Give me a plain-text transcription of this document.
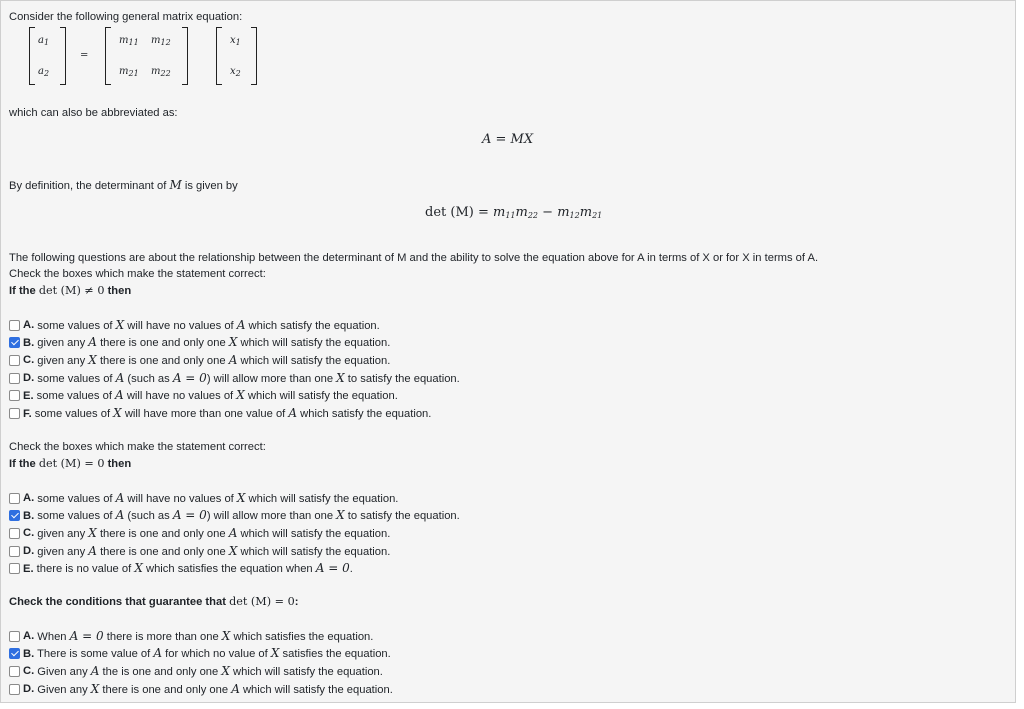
Consider the following general matrix equation:
$a_1$
$a_2$
=
$m_{11}$ $m_{12}$
$m_{21}$ $m_{22}$
$x_1$
$x_2$
which can also be abbreviated as:
A = MX
By definition, the determinant of M is given by
$\det (M) = m_{11}m_{22} - m_{12}m_{21}$
The following questions are about the relationship between the determinant of M and the ability to solve the equation above for A in terms of X or for X in terms of A.
Check the boxes which make the statement correct:
If the det (M) ≠ 0 then
Check the boxes which make the statement correct:
If the det (M) = 0 then
Check the conditions that guarantee that det (M) = 0:
A. some values of X will have no values of A which satisfy the equation.
B. given any A there is one and only one X which will satisfy the equation.
C. given any X there is one and only one A which will satisfy the equation.
D. some values of A (such as A = 0) will allow more than one X to satisfy the equation.
E. some values of A will have no values of X which will satisfy the equation.
F. some values of X will have more than one value of A which satisfy the equation.
A. some values of A will have no values of X which will satisfy the equation.
B. some values of A (such as A = 0) will allow more than one X to satisfy the equation.
C. given any X there is one and only one A which will satisfy the equation.
D. given any A there is one and only one X which will satisfy the equation.
E. there is no value of X which satisfies the equation when A = 0.
A. When A = 0 there is more than one X which satisfies the equation.
B. There is some value of A for which no value of X satisfies the equation.
C. Given any A the is one and only one X which will satisfy the equation.
D. Given any X there is one and only one A which will satisfy the equation.
